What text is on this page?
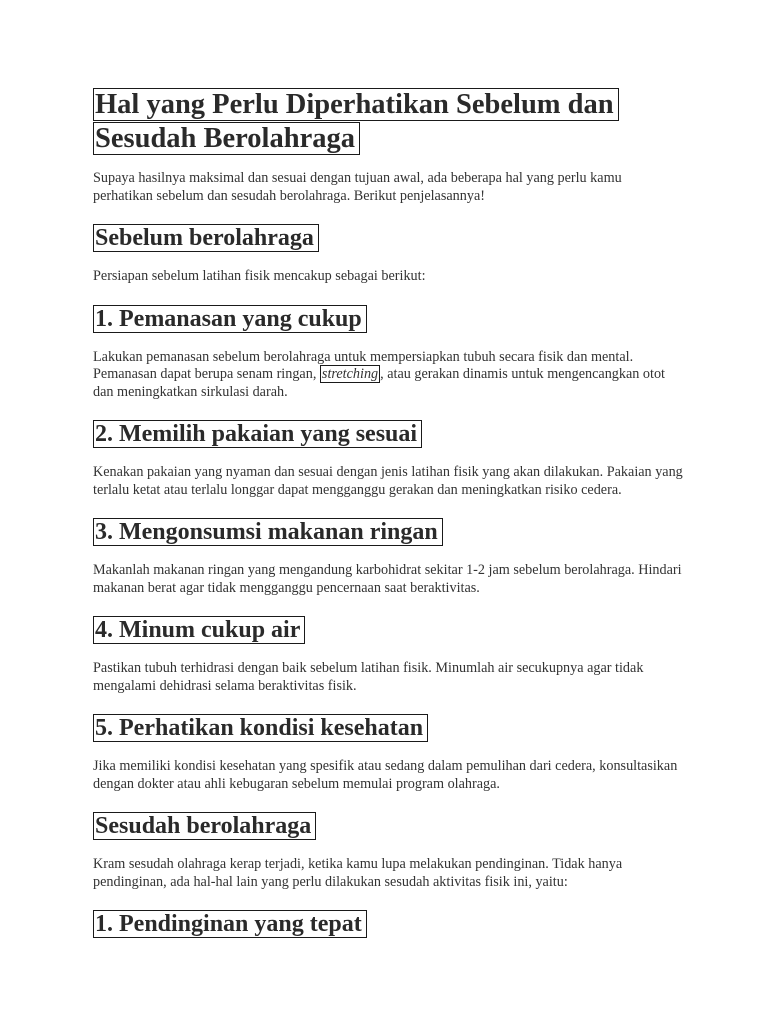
Hal yang Perlu Diperhatikan Sebelum dan Sesudah Berolahraga

Supaya hasilnya maksimal dan sesuai dengan tujuan awal, ada beberapa hal yang perlu kamu perhatikan sebelum dan sesudah berolahraga. Berikut penjelasannya!

Sebelum berolahraga

Persiapan sebelum latihan fisik mencakup sebagai berikut:

1. Pemanasan yang cukup

Lakukan pemanasan sebelum berolahraga untuk mempersiapkan tubuh secara fisik dan mental. Pemanasan dapat berupa senam ringan, stretching , atau gerakan dinamis untuk mengencangkan otot dan meningkatkan sirkulasi darah.

2. Memilih pakaian yang sesuai

Kenakan pakaian yang nyaman dan sesuai dengan jenis latihan fisik yang akan dilakukan. Pakaian yang terlalu ketat atau terlalu longgar dapat mengganggu gerakan dan meningkatkan risiko cedera.

3. Mengonsumsi makanan ringan

Makanlah makanan ringan yang mengandung karbohidrat sekitar 1-2 jam sebelum berolahraga. Hindari makanan berat agar tidak mengganggu pencernaan saat beraktivitas.

4. Minum cukup air

Pastikan tubuh terhidrasi dengan baik sebelum latihan fisik. Minumlah air secukupnya agar tidak mengalami dehidrasi selama beraktivitas fisik.

5. Perhatikan kondisi kesehatan

Jika memiliki kondisi kesehatan yang spesifik atau sedang dalam pemulihan dari cedera, konsultasikan dengan dokter atau ahli kebugaran sebelum memulai program olahraga.

Sesudah berolahraga

Kram sesudah olahraga kerap terjadi, ketika kamu lupa melakukan pendinginan. Tidak hanya pendinginan, ada hal-hal lain yang perlu dilakukan sesudah aktivitas fisik ini, yaitu:

1. Pendinginan yang tepat
